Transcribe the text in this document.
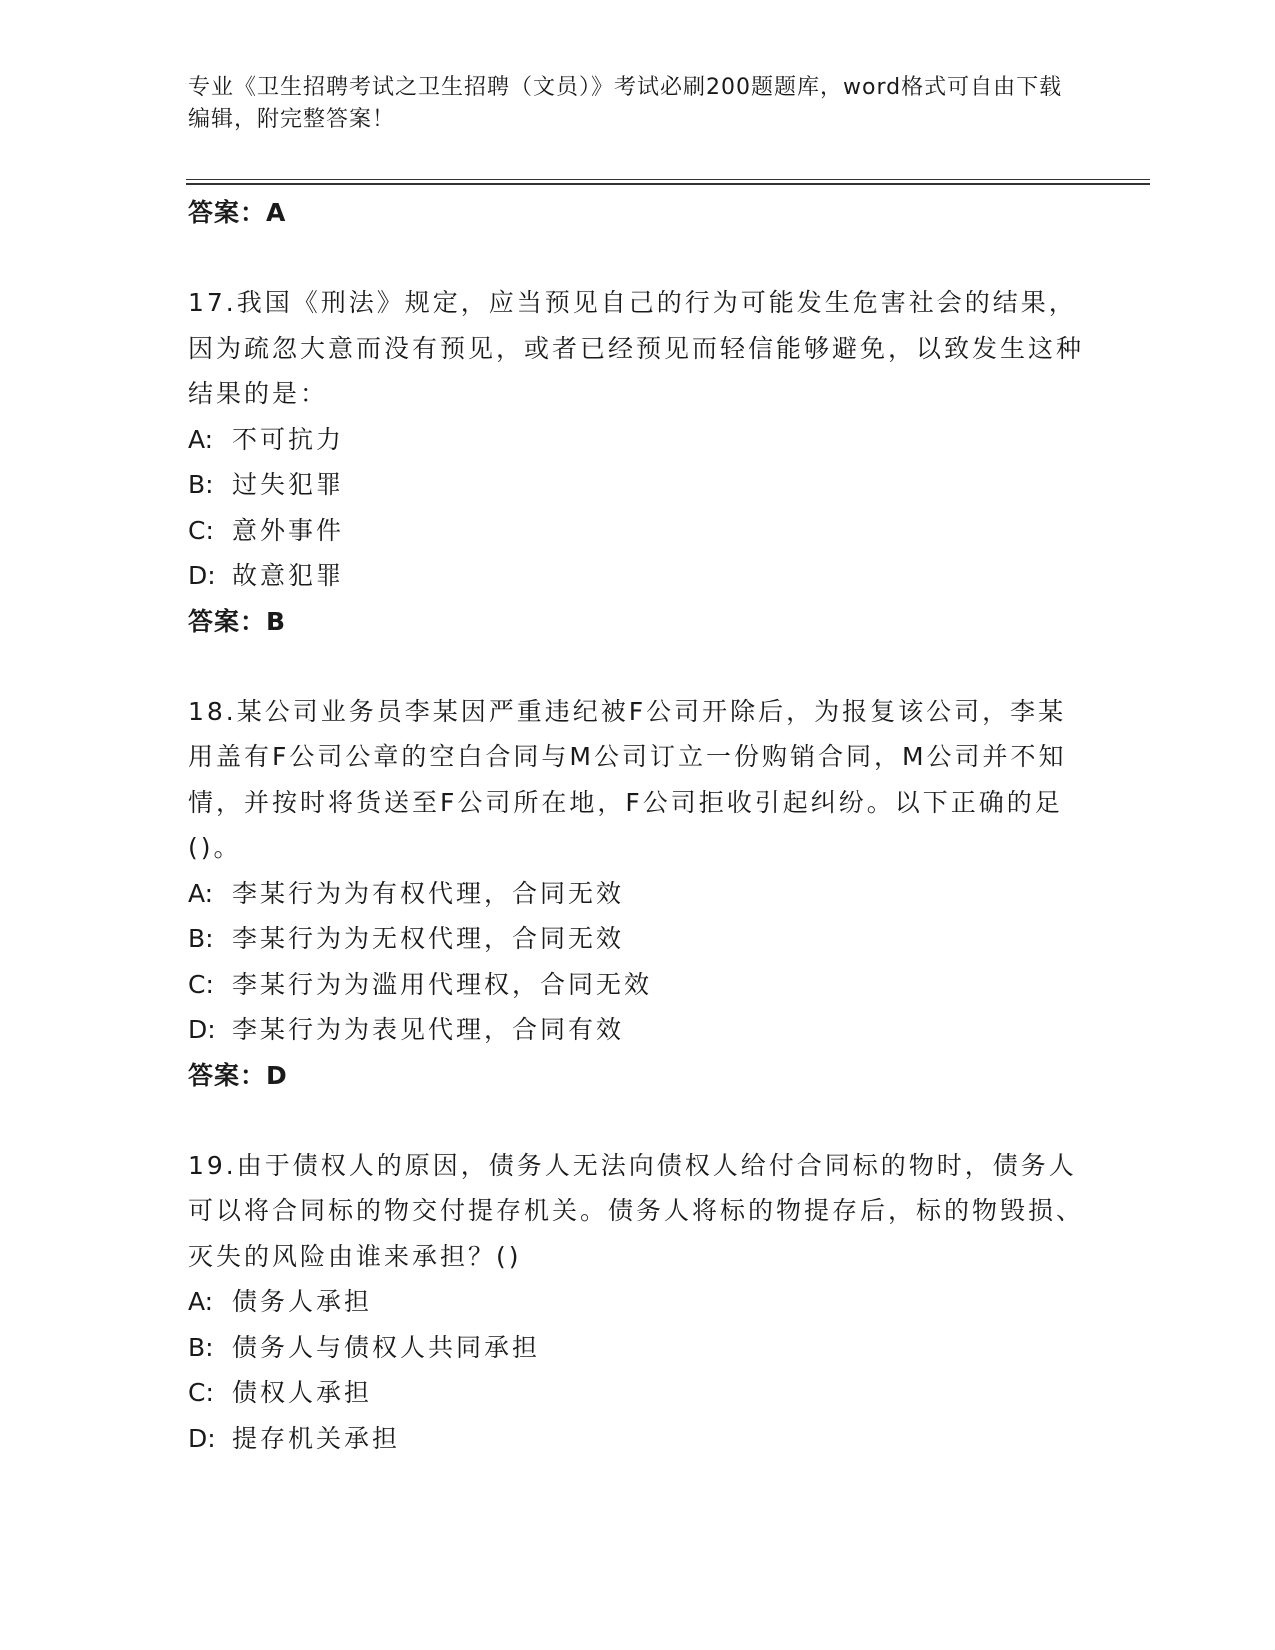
专业《卫生招聘考试之卫生招聘（文员）》考试必刷200题题库，word格式可自由下载编辑，附完整答案！
答案：A
17.我国《刑法》规定，应当预见自己的行为可能发生危害社会的结果，因为疏忽大意而没有预见，或者已经预见而轻信能够避免，以致发生这种结果的是：
A: 不可抗力
B: 过失犯罪
C: 意外事件
D: 故意犯罪
答案：B
18.某公司业务员李某因严重违纪被F公司开除后，为报复该公司，李某用盖有F公司公章的空白合同与M公司订立一份购销合同，M公司并不知情，并按时将货送至F公司所在地，F公司拒收引起纠纷。以下正确的足()。
A: 李某行为为有权代理，合同无效
B: 李某行为为无权代理，合同无效
C: 李某行为为滥用代理权，合同无效
D: 李某行为为表见代理，合同有效
答案：D
19.由于债权人的原因，债务人无法向债权人给付合同标的物时，债务人可以将合同标的物交付提存机关。债务人将标的物提存后，标的物毁损、灭失的风险由谁来承担？()
A: 债务人承担
B: 债务人与债权人共同承担
C: 债权人承担
D: 提存机关承担
